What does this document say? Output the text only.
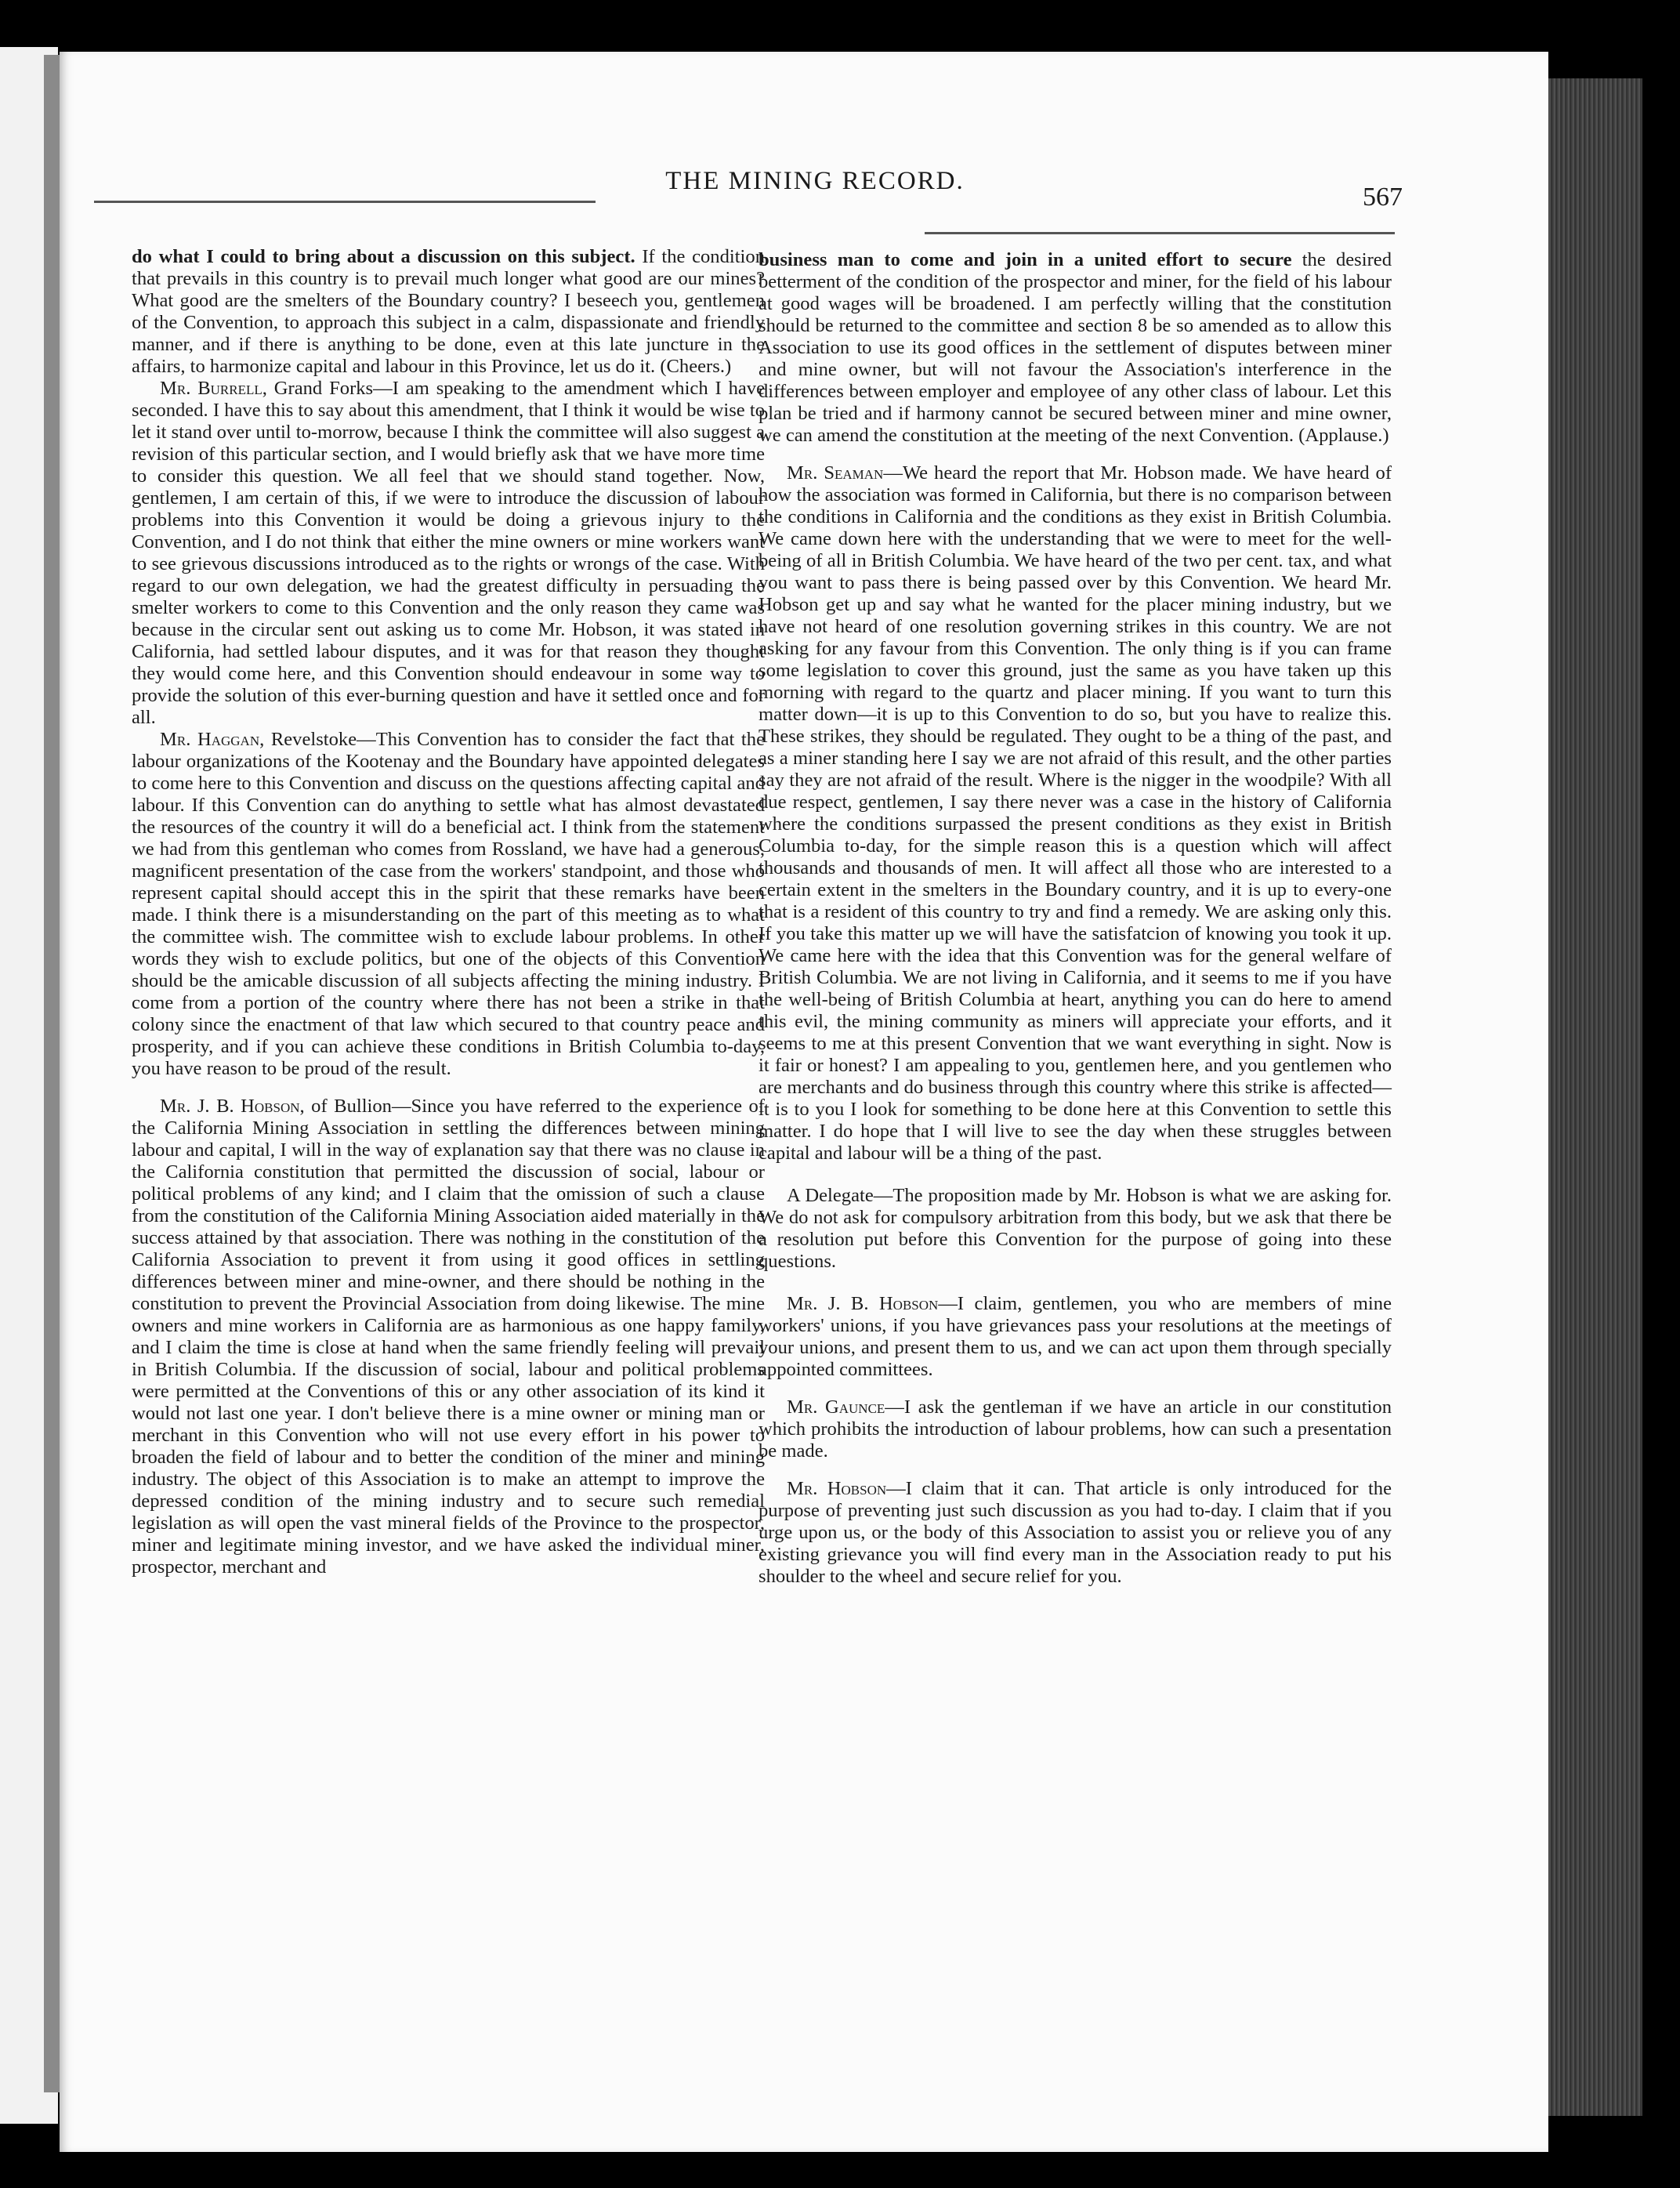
THE MINING RECORD.
567

do what I could to bring about a discussion on this subject. If the condition that prevails in this country is to prevail much longer what good are our mines? What good are the smelters of the Boundary country? I beseech you, gentlemen of the Convention, to approach this subject in a calm, dispassionate and friendly manner, and if there is anything to be done, even at this late juncture in the affairs, to harmonize capital and labour in this Province, let us do it. (Cheers.)

Mr. Burrell, Grand Forks—I am speaking to the amendment which I have seconded. I have this to say about this amendment, that I think it would be wise to let it stand over until to-morrow, because I think the committee will also suggest a revision of this particular section, and I would briefly ask that we have more time to consider this question. We all feel that we should stand together. Now, gentlemen, I am certain of this, if we were to introduce the discussion of labour problems into this Convention it would be doing a grievous injury to the Convention, and I do not think that either the mine owners or mine workers want to see grievous discussions introduced as to the rights or wrongs of the case. With regard to our own delegation, we had the greatest difficulty in persuading the smelter workers to come to this Convention and the only reason they came was because in the circular sent out asking us to come Mr. Hobson, it was stated in California, had settled labour disputes, and it was for that reason they thought they would come here, and this Convention should endeavour in some way to provide the solution of this ever-burning question and have it settled once and for all.

Mr. Haggan, Revelstoke—This Convention has to consider the fact that the labour organizations of the Kootenay and the Boundary have appointed delegates to come here to this Convention and discuss on the questions affecting capital and labour. If this Convention can do anything to settle what has almost devastated the resources of the country it will do a beneficial act. I think from the statement we had from this gentleman who comes from Rossland, we have had a generous, magnificent presentation of the case from the workers' standpoint, and those who represent capital should accept this in the spirit that these remarks have been made. I think there is a misunderstanding on the part of this meeting as to what the committee wish. The committee wish to exclude labour problems. In other words they wish to exclude politics, but one of the objects of this Convention should be the amicable discussion of all subjects affecting the mining industry. I come from a portion of the country where there has not been a strike in that colony since the enactment of that law which secured to that country peace and prosperity, and if you can achieve these conditions in British Columbia to-day, you have reason to be proud of the result.

Mr. J. B. Hobson, of Bullion—Since you have referred to the experience of the California Mining Association in settling the differences between mining labour and capital, I will in the way of explanation say that there was no clause in the California constitution that permitted the discussion of social, labour or political problems of any kind; and I claim that the omission of such a clause from the constitution of the California Mining Association aided materially in the success attained by that association. There was nothing in the constitution of the California Association to prevent it from using it good offices in settling differences between miner and mine-owner, and there should be nothing in the constitution to prevent the Provincial Association from doing likewise. The mine owners and mine workers in California are as harmonious as one happy family, and I claim the time is close at hand when the same friendly feeling will prevail in British Columbia. If the discussion of social, labour and political problems were permitted at the Conventions of this or any other association of its kind it would not last one year. I don't believe there is a mine owner or mining man or merchant in this Convention who will not use every effort in his power to broaden the field of labour and to better the condition of the miner and mining industry. The object of this Association is to make an attempt to improve the depressed condition of the mining industry and to secure such remedial legislation as will open the vast mineral fields of the Province to the prospector, miner and legitimate mining investor, and we have asked the individual miner, prospector, merchant and

business man to come and join in a united effort to secure the desired betterment of the condition of the prospector and miner, for the field of his labour at good wages will be broadened. I am perfectly willing that the constitution should be returned to the committee and section 8 be so amended as to allow this Association to use its good offices in the settlement of disputes between miner and mine owner, but will not favour the Association's interference in the differences between employer and employee of any other class of labour. Let this plan be tried and if harmony cannot be secured between miner and mine owner, we can amend the constitution at the meeting of the next Convention. (Applause.)

Mr. Seaman—We heard the report that Mr. Hobson made. We have heard of how the association was formed in California, but there is no comparison between the conditions in California and the conditions as they exist in British Columbia. We came down here with the understanding that we were to meet for the well-being of all in British Columbia. We have heard of the two per cent. tax, and what you want to pass there is being passed over by this Convention. We heard Mr. Hobson get up and say what he wanted for the placer mining industry, but we have not heard of one resolution governing strikes in this country. We are not asking for any favour from this Convention. The only thing is if you can frame some legislation to cover this ground, just the same as you have taken up this morning with regard to the quartz and placer mining. If you want to turn this matter down—it is up to this Convention to do so, but you have to realize this. These strikes, they should be regulated. They ought to be a thing of the past, and as a miner standing here I say we are not afraid of this result, and the other parties say they are not afraid of the result. Where is the nigger in the woodpile? With all due respect, gentlemen, I say there never was a case in the history of California where the conditions surpassed the present conditions as they exist in British Columbia to-day, for the simple reason this is a question which will affect thousands and thousands of men. It will affect all those who are interested to a certain extent in the smelters in the Boundary country, and it is up to every-one that is a resident of this country to try and find a remedy. We are asking only this. If you take this matter up we will have the satisfatcion of knowing you took it up. We came here with the idea that this Convention was for the general welfare of British Columbia. We are not living in California, and it seems to me if you have the well-being of British Columbia at heart, anything you can do here to amend this evil, the mining community as miners will appreciate your efforts, and it seems to me at this present Convention that we want everything in sight. Now is it fair or honest? I am appealing to you, gentlemen here, and you gentlemen who are merchants and do business through this country where this strike is affected—it is to you I look for something to be done here at this Convention to settle this matter. I do hope that I will live to see the day when these struggles between capital and labour will be a thing of the past.

A Delegate—The proposition made by Mr. Hobson is what we are asking for. We do not ask for compulsory arbitration from this body, but we ask that there be a resolution put before this Convention for the purpose of going into these questions.

Mr. J. B. Hobson—I claim, gentlemen, you who are members of mine workers' unions, if you have grievances pass your resolutions at the meetings of your unions, and present them to us, and we can act upon them through specially appointed committees.

Mr. Gaunce—I ask the gentleman if we have an article in our constitution which prohibits the introduction of labour problems, how can such a presentation be made.

Mr. Hobson—I claim that it can. That article is only introduced for the purpose of preventing just such discussion as you had to-day. I claim that if you urge upon us, or the body of this Association to assist you or relieve you of any existing grievance you will find every man in the Association ready to put his shoulder to the wheel and secure relief for you.
